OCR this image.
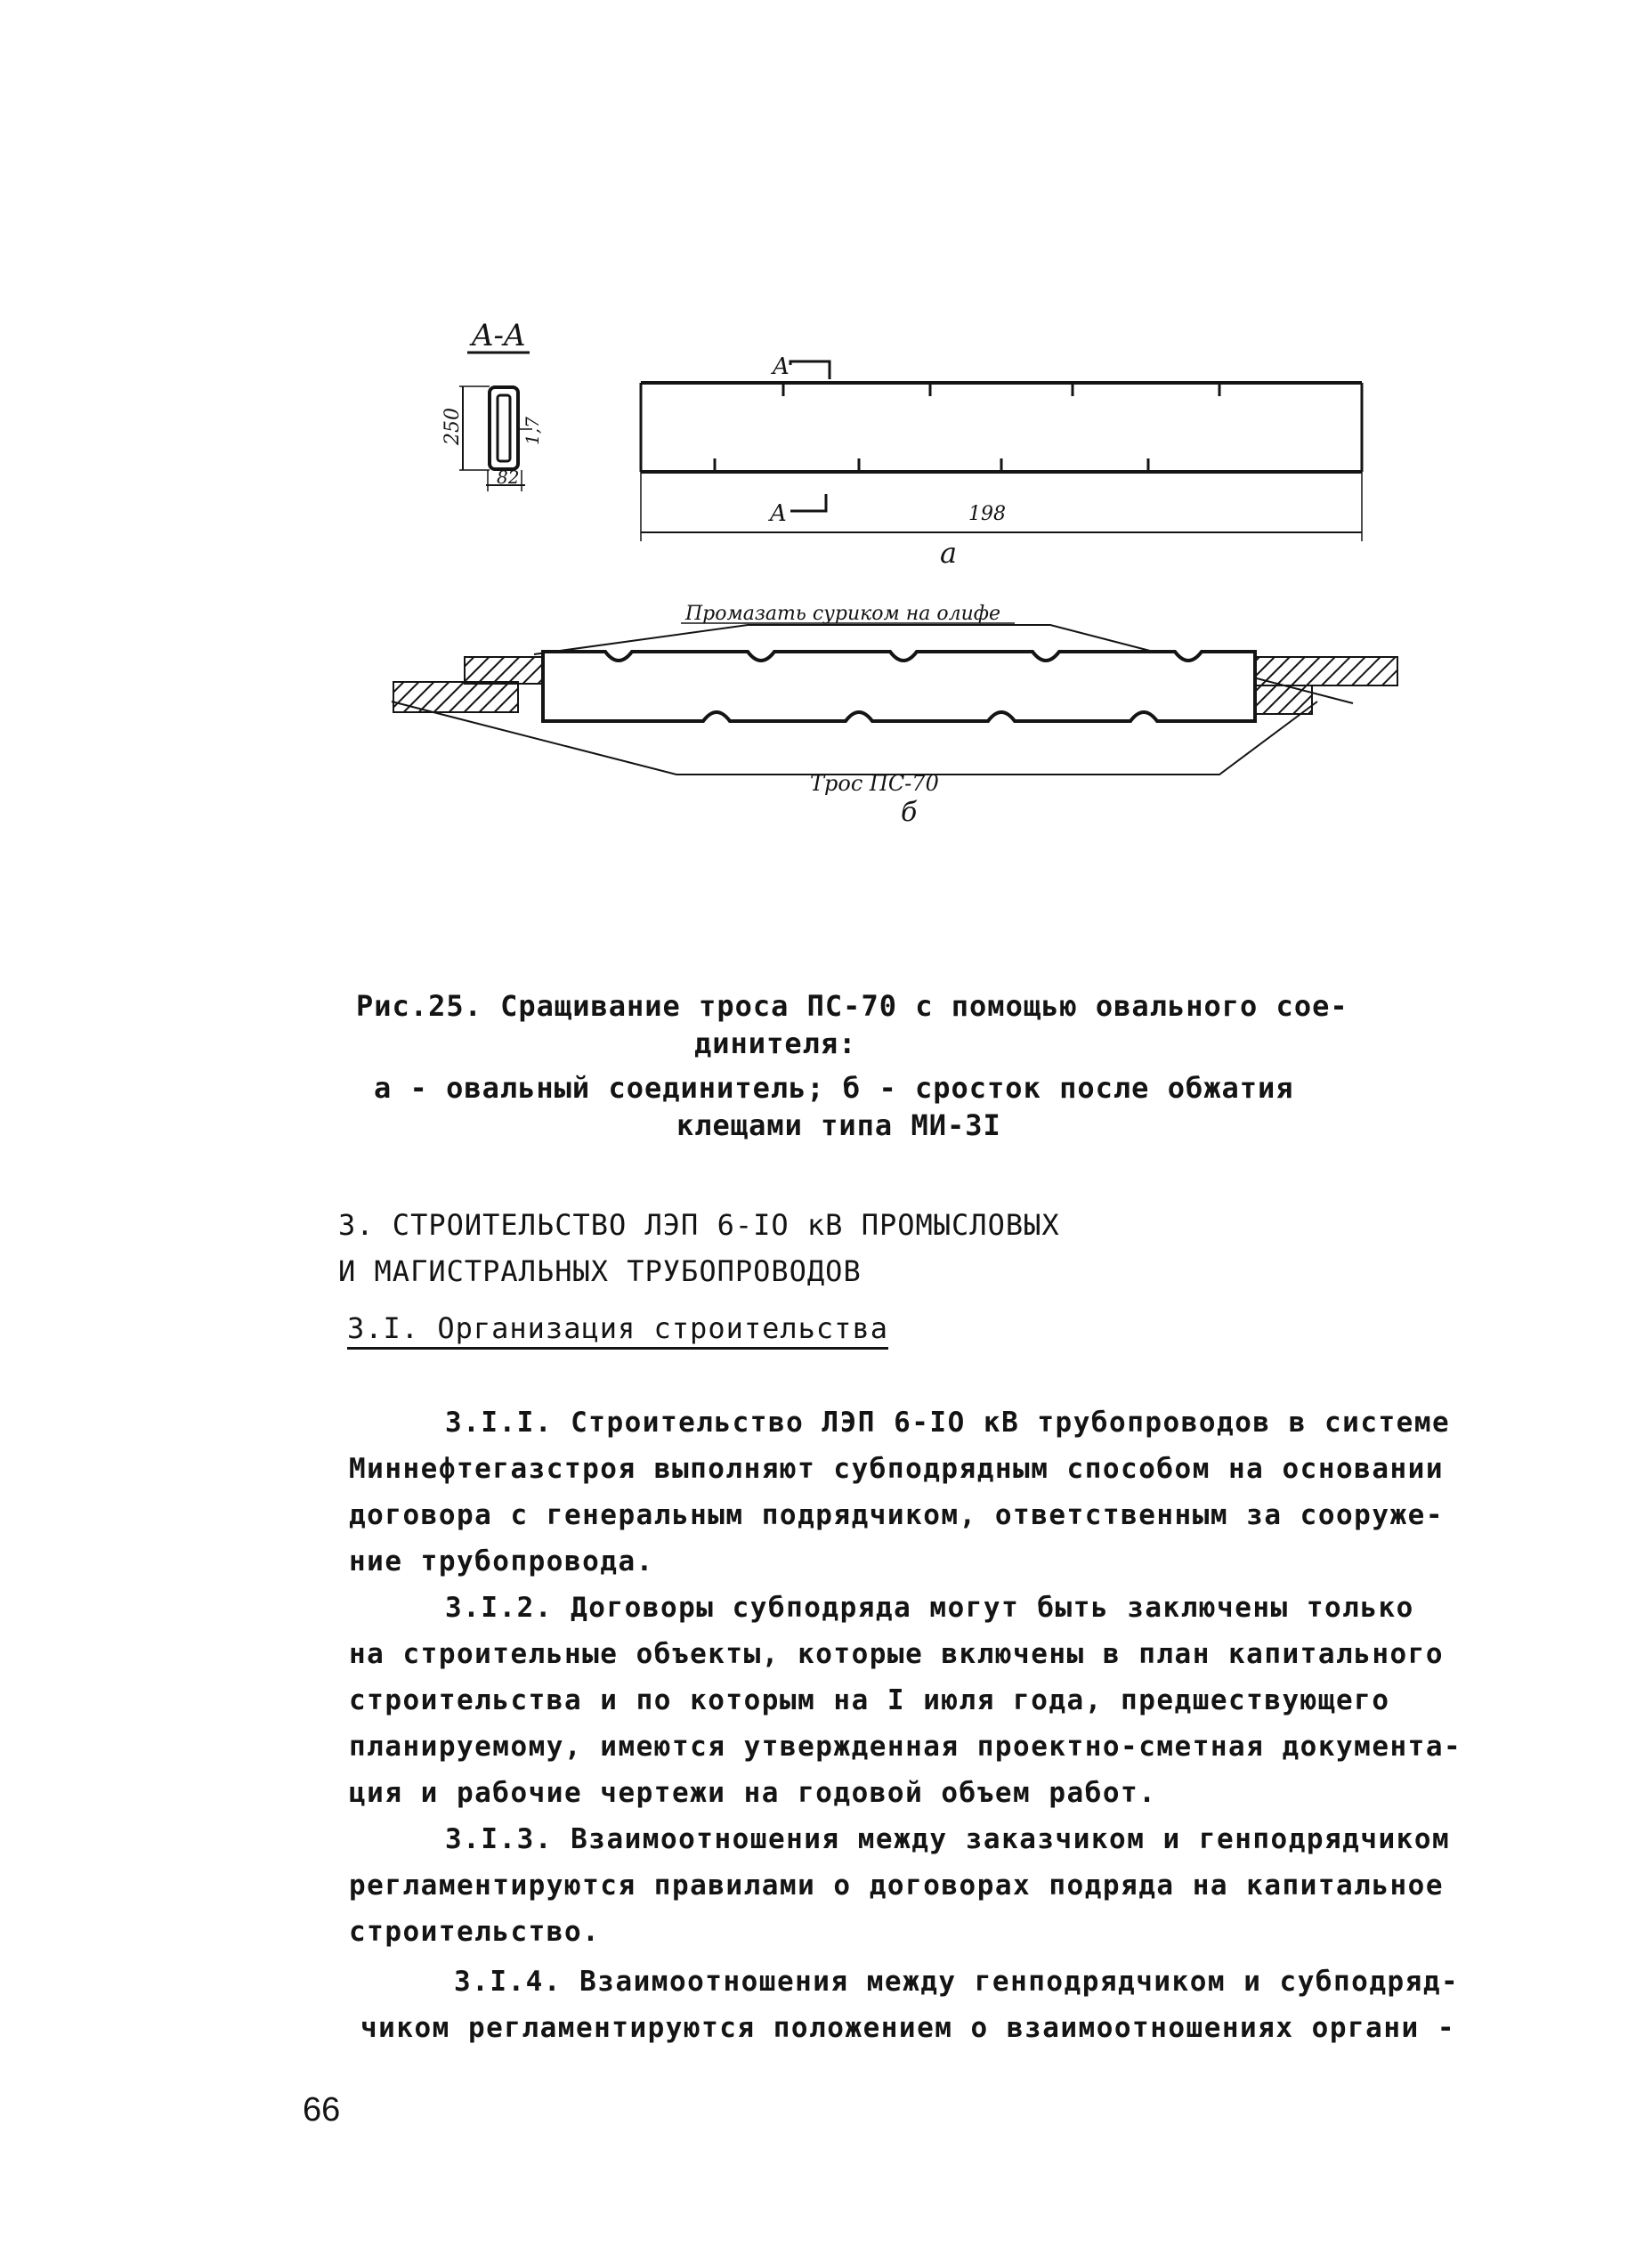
A-A
250	1,7
82
A
A	198
а
Промазать суриком на олифе
Трос ПС-70
б
Рис.25. Сращивание троса ПС-70 с помощью овального сое-
динителя:
а - овальный соединитель; б - сросток после обжатия
клещами типа МИ-3I
3. СТРОИТЕЛЬСТВО ЛЭП 6-IO кВ ПРОМЫСЛОВЫХ
И МАГИСТРАЛЬНЫХ ТРУБОПРОВОДОВ
3.I. Организация строительства
3.I.I. Строительство ЛЭП 6-IO кВ трубопроводов в системе
Миннефтегазстроя выполняют субподрядным способом на основании
договора с генеральным подрядчиком, ответственным за сооруже-
ние трубопровода.
3.I.2. Договоры субподряда могут быть заключены только
на строительные объекты, которые включены в план капитального
строительства и по которым на I июля года, предшествующего
планируемому, имеются утвержденная проектно-сметная документа-
ция и рабочие чертежи на годовой объем работ.
3.I.3. Взаимоотношения между заказчиком и генподрядчиком
регламентируются правилами о договорах подряда на капитальное
строительство.
3.I.4. Взаимоотношения между генподрядчиком и субподряд-
чиком регламентируются положением о взаимоотношениях органи -
66
